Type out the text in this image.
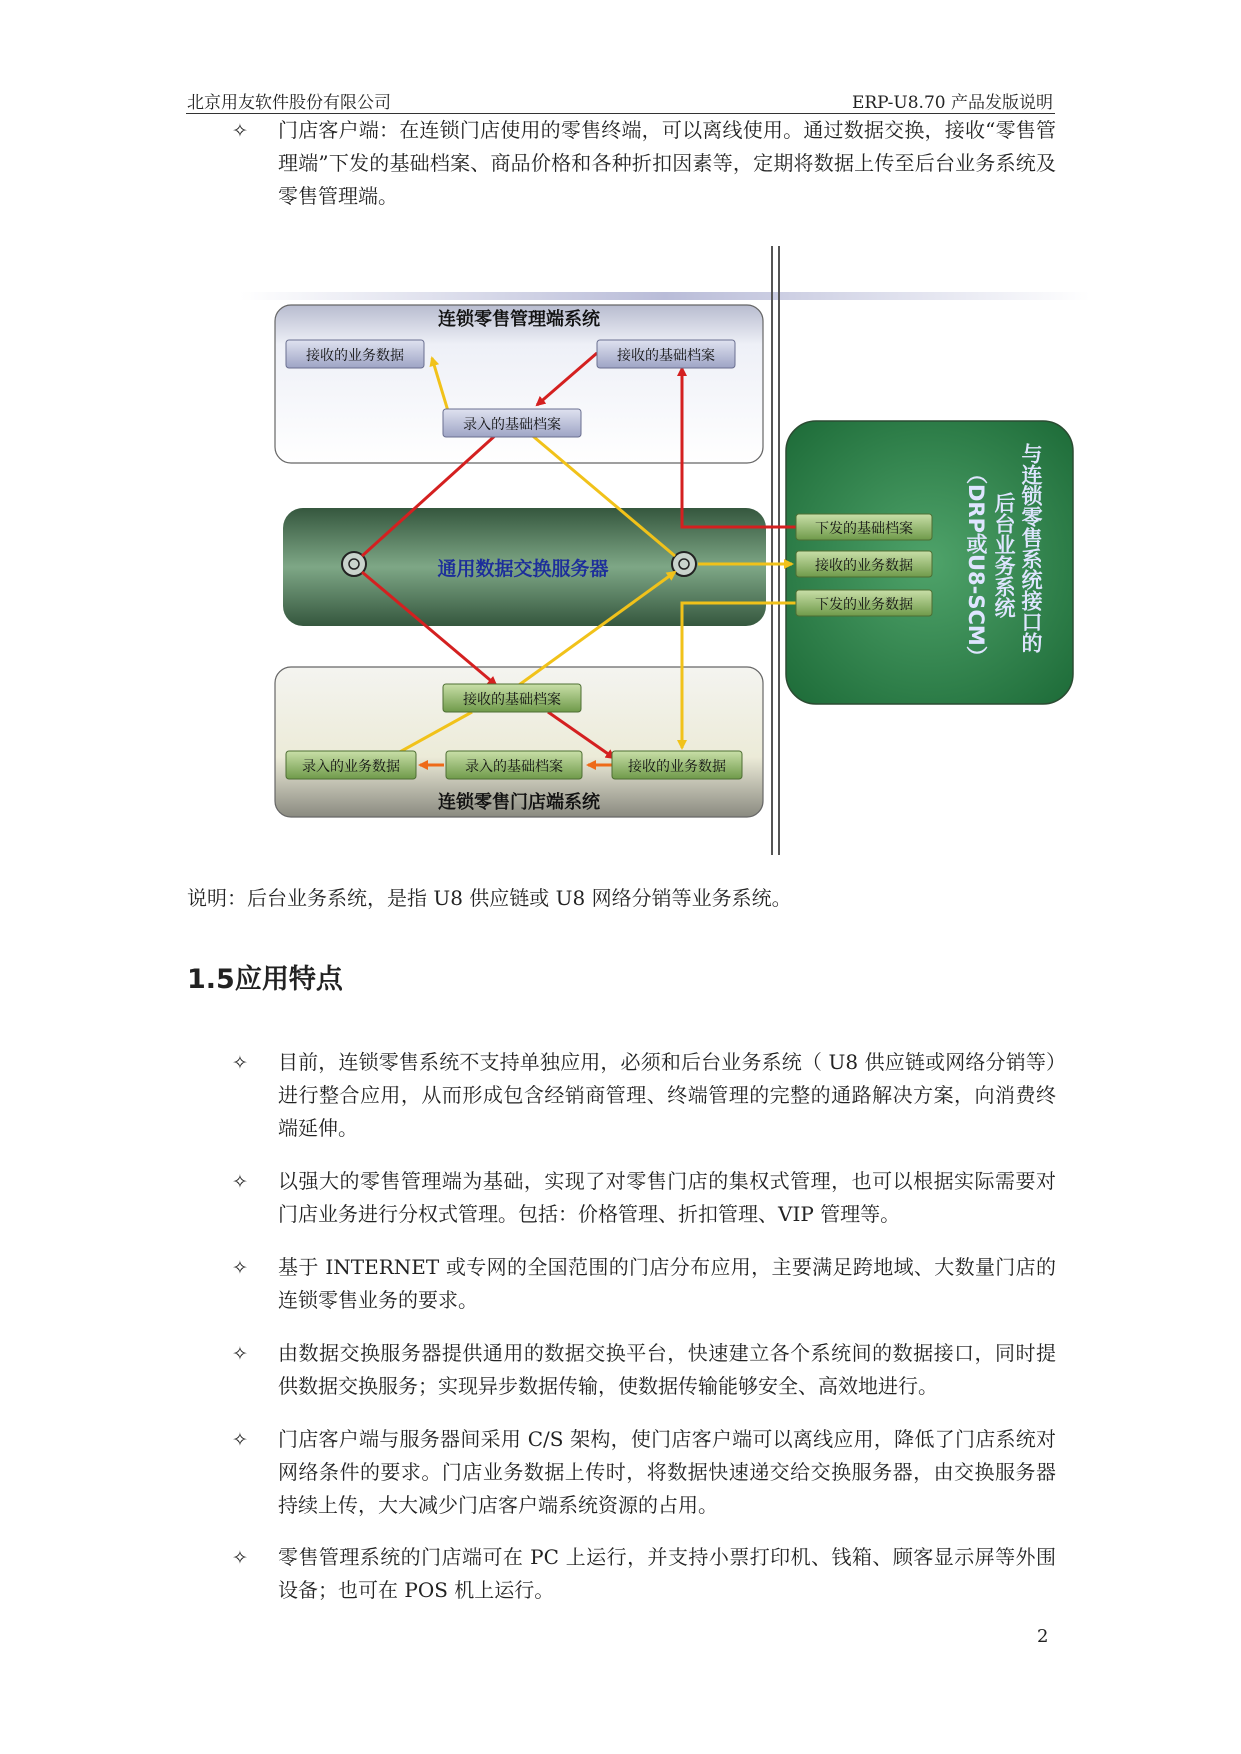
北京用友软件股份有限公司	ERP-U8.70 产品发版说明
✧ 门店客户端：在连锁门店使用的零售终端，可以离线使用。通过数据交换，接收“零售管理端”下发的基础档案、商品价格和各种折扣因素等，定期将数据上传至后台业务系统及零售管理端。
连锁零售管理端系统
通用数据交换服务器
连锁零售门店端系统
与连锁零售系统接口的
后台业务系统
（DRP或U8-SCM）
接收的业务数据	接收的基础档案
录入的基础档案
接收的基础档案
录入的业务数据	录入的基础档案	接收的业务数据
下发的基础档案
接收的业务数据
下发的业务数据
说明：后台业务系统，是指 U8 供应链或 U8 网络分销等业务系统。
1.5应用特点
✧ 目前，连锁零售系统不支持单独应用，必须和后台业务系统（ U8 供应链或网络分销等）进行整合应用，从而形成包含经销商管理、终端管理的完整的通路解决方案，向消费终端延伸。
✧ 以强大的零售管理端为基础，实现了对零售门店的集权式管理，也可以根据实际需要对门店业务进行分权式管理。包括：价格管理、折扣管理、VIP 管理等。
✧ 基于 INTERNET 或专网的全国范围的门店分布应用，主要满足跨地域、大数量门店的连锁零售业务的要求。
✧ 由数据交换服务器提供通用的数据交换平台，快速建立各个系统间的数据接口，同时提供数据交换服务；实现异步数据传输，使数据传输能够安全、高效地进行。
✧ 门店客户端与服务器间采用 C/S 架构，使门店客户端可以离线应用，降低了门店系统对网络条件的要求。门店业务数据上传时，将数据快速递交给交换服务器，由交换服务器持续上传，大大减少门店客户端系统资源的占用。
✧ 零售管理系统的门店端可在 PC 上运行，并支持小票打印机、钱箱、顾客显示屏等外围设备；也可在 POS 机上运行。
2
